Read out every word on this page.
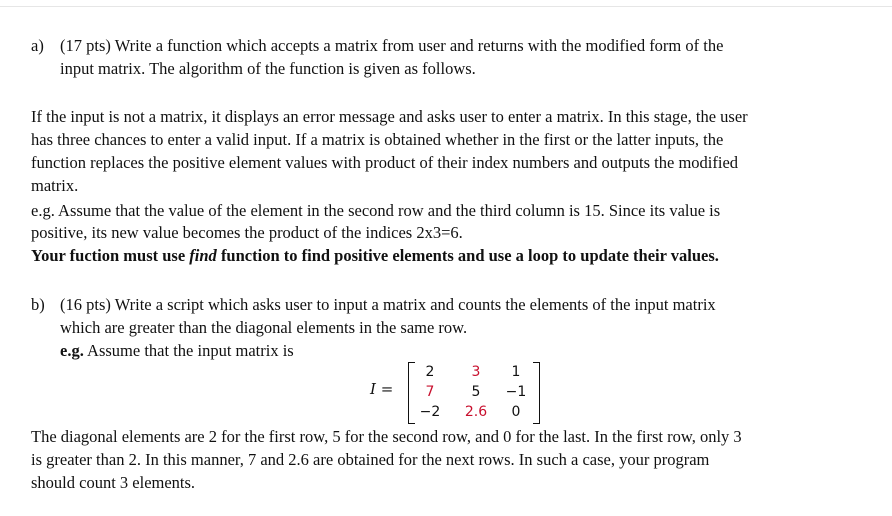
a) (17 pts) Write a function which accepts a matrix from user and returns with the modified form of the
input matrix. The algorithm of the function is given as follows.
If the input is not a matrix, it displays an error message and asks user to enter a matrix. In this stage, the user
has three chances to enter a valid input. If a matrix is obtained whether in the first or the latter inputs, the
function replaces the positive element values with product of their index numbers and outputs the modified
matrix.
e.g. Assume that the value of the element in the second row and the third column is 15. Since its value is
positive, its new value becomes the product of the indices 2x3=6.
Your fuction must use find function to find positive elements and use a loop to update their values.
b) (16 pts) Write a script which asks user to input a matrix and counts the elements of the input matrix
which are greater than the diagonal elements in the same row.
e.g. Assume that the input matrix is
I =
2	3	1
7	5	−1
−2	2.6	0
The diagonal elements are 2 for the first row, 5 for the second row, and 0 for the last. In the first row, only 3
is greater than 2. In this manner, 7 and 2.6 are obtained for the next rows. In such a case, your program
should count 3 elements.
